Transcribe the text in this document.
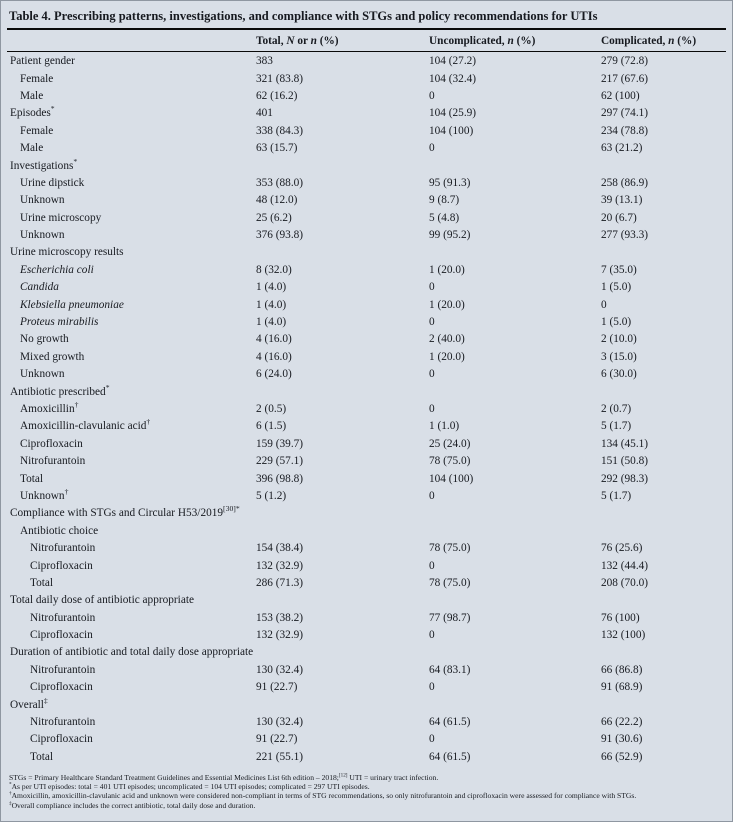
Table 4. Prescribing patterns, investigations, and compliance with STGs and policy recommendations for UTIs
Total, N or n (%)	Uncomplicated, n (%)	Complicated, n (%)
Patient gender	383	104 (27.2)	279 (72.8)
Female	321 (83.8)	104 (32.4)	217 (67.6)
Male	62 (16.2)	0	62 (100)
Episodes*	401	104 (25.9)	297 (74.1)
Female	338 (84.3)	104 (100)	234 (78.8)
Male	63 (15.7)	0	63 (21.2)
Investigations*
Urine dipstick	353 (88.0)	95 (91.3)	258 (86.9)
Unknown	48 (12.0)	9 (8.7)	39 (13.1)
Urine microscopy	25 (6.2)	5 (4.8)	20 (6.7)
Unknown	376 (93.8)	99 (95.2)	277 (93.3)
Urine microscopy results
Escherichia coli	8 (32.0)	1 (20.0)	7 (35.0)
Candida	1 (4.0)	0	1 (5.0)
Klebsiella pneumoniae	1 (4.0)	1 (20.0)	0
Proteus mirabilis	1 (4.0)	0	1 (5.0)
No growth	4 (16.0)	2 (40.0)	2 (10.0)
Mixed growth	4 (16.0)	1 (20.0)	3 (15.0)
Unknown	6 (24.0)	0	6 (30.0)
Antibiotic prescribed*
Amoxicillin†	2 (0.5)	0	2 (0.7)
Amoxicillin-clavulanic acid†	6 (1.5)	1 (1.0)	5 (1.7)
Ciprofloxacin	159 (39.7)	25 (24.0)	134 (45.1)
Nitrofurantoin	229 (57.1)	78 (75.0)	151 (50.8)
Total	396 (98.8)	104 (100)	292 (98.3)
Unknown†	5 (1.2)	0	5 (1.7)
Compliance with STGs and Circular $H53/2019^{[30]*}$
Antibiotic choice
Nitrofurantoin	154 (38.4)	78 (75.0)	76 (25.6)
Ciprofloxacin	132 (32.9)	0	132 (44.4)
Total	286 (71.3)	78 (75.0)	208 (70.0)
Total daily dose of antibiotic appropriate
Nitrofurantoin	153 (38.2)	77 (98.7)	76 (100)
Ciprofloxacin	132 (32.9)	0	132 (100)
Duration of antibiotic and total daily dose appropriate
Nitrofurantoin	130 (32.4)	64 (83.1)	66 (86.8)
Ciprofloxacin	91 (22.7)	0	91 (68.9)
Overall‡
Nitrofurantoin	130 (32.4)	64 (61.5)	66 (22.2)
Ciprofloxacin	91 (22.7)	0	91 (30.6)
Total	221 (55.1)	64 (61.5)	66 (52.9)
STGs = Primary Healthcare Standard Treatment Guidelines and Essential Medicines List 6th edition – 2018;[12] UTI = urinary tract infection.
*As per UTI episodes: total = 401 UTI episodes; uncomplicated = 104 UTI episodes; complicated = 297 UTI episodes.
†Amoxicillin, amoxicillin-clavulanic acid and unknown were considered non-compliant in terms of STG recommendations, so only nitrofurantoin and ciprofloxacin were assessed for compliance with STGs.
‡Overall compliance includes the correct antibiotic, total daily dose and duration.
